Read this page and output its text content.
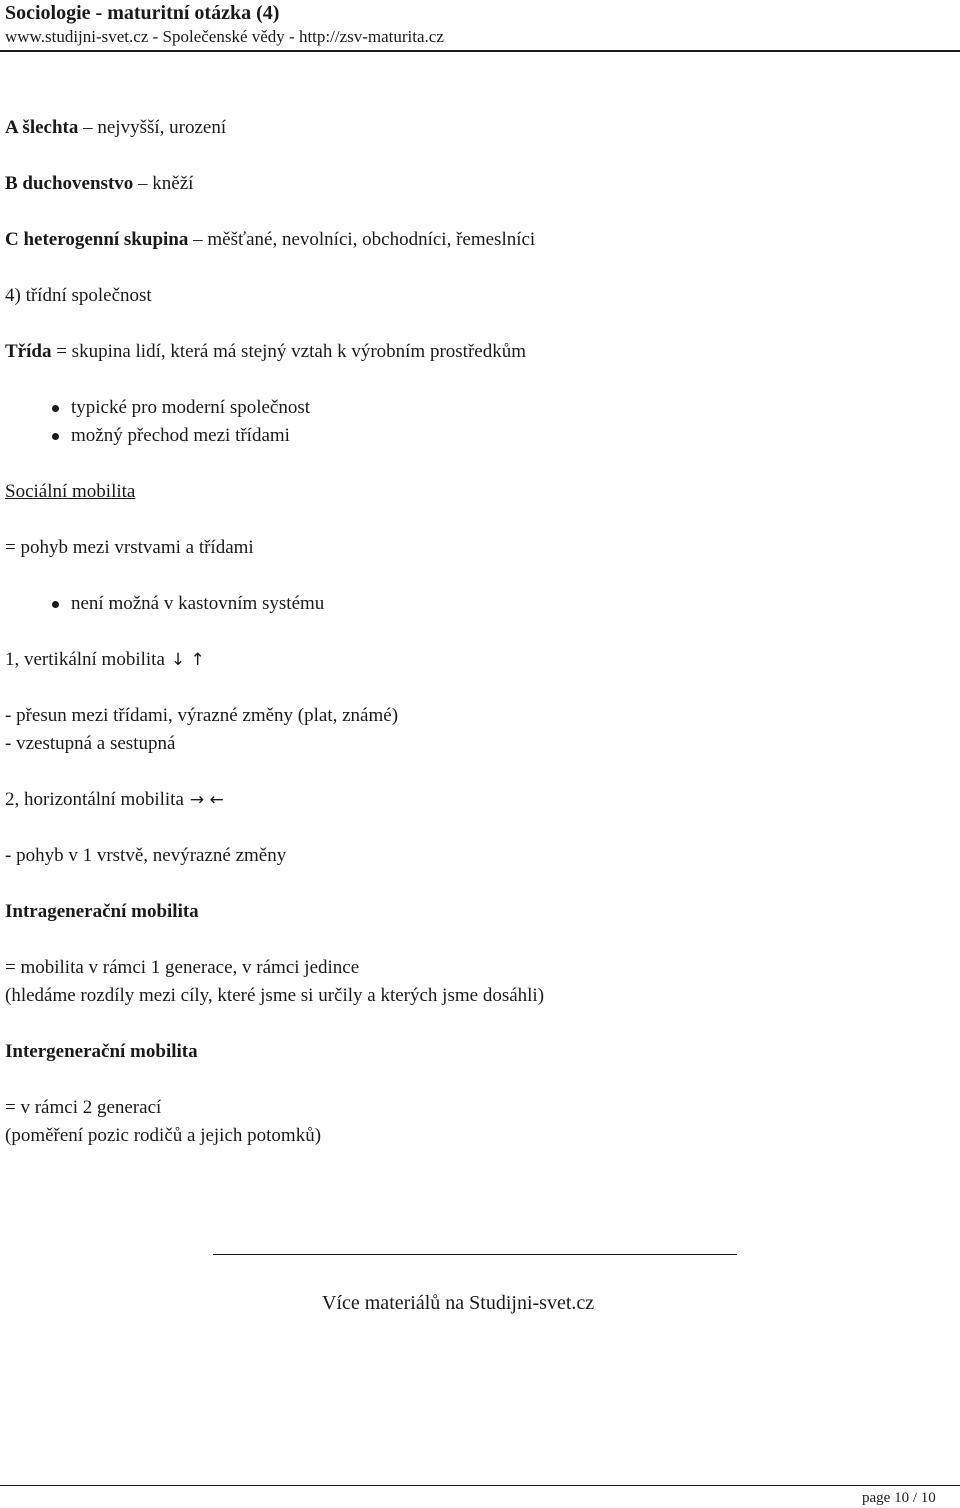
Sociologie - maturitní otázka (4)
www.studijni-svet.cz - Společenské vědy - http://zsv-maturita.cz
A šlechta – nejvyšší, urození
B duchovenstvo – kněží
C heterogenní skupina – měšťané, nevolníci, obchodníci, řemeslníci
4) třídní společnost
Třída = skupina lidí, která má stejný vztah k výrobním prostředkům
typické pro moderní společnost
možný přechod mezi třídami
Sociální mobilita
= pohyb mezi vrstvami a třídami
není možná v kastovním systému
1, vertikální mobilita ↓ ↑
- přesun mezi třídami, výrazné změny (plat, známé)
- vzestupná a sestupná
2, horizontální mobilita → ←
- pohyb v 1 vrstvě, nevýrazné změny
Intragenerační mobilita
= mobilita v rámci 1 generace, v rámci jedince
(hledáme rozdíly mezi cíly, které jsme si určily a kterých jsme dosáhli)
Intergenerační mobilita
= v rámci 2 generací
(poměření pozic rodičů a jejich potomků)
Více materiálů na Studijni-svet.cz
page 10 / 10
